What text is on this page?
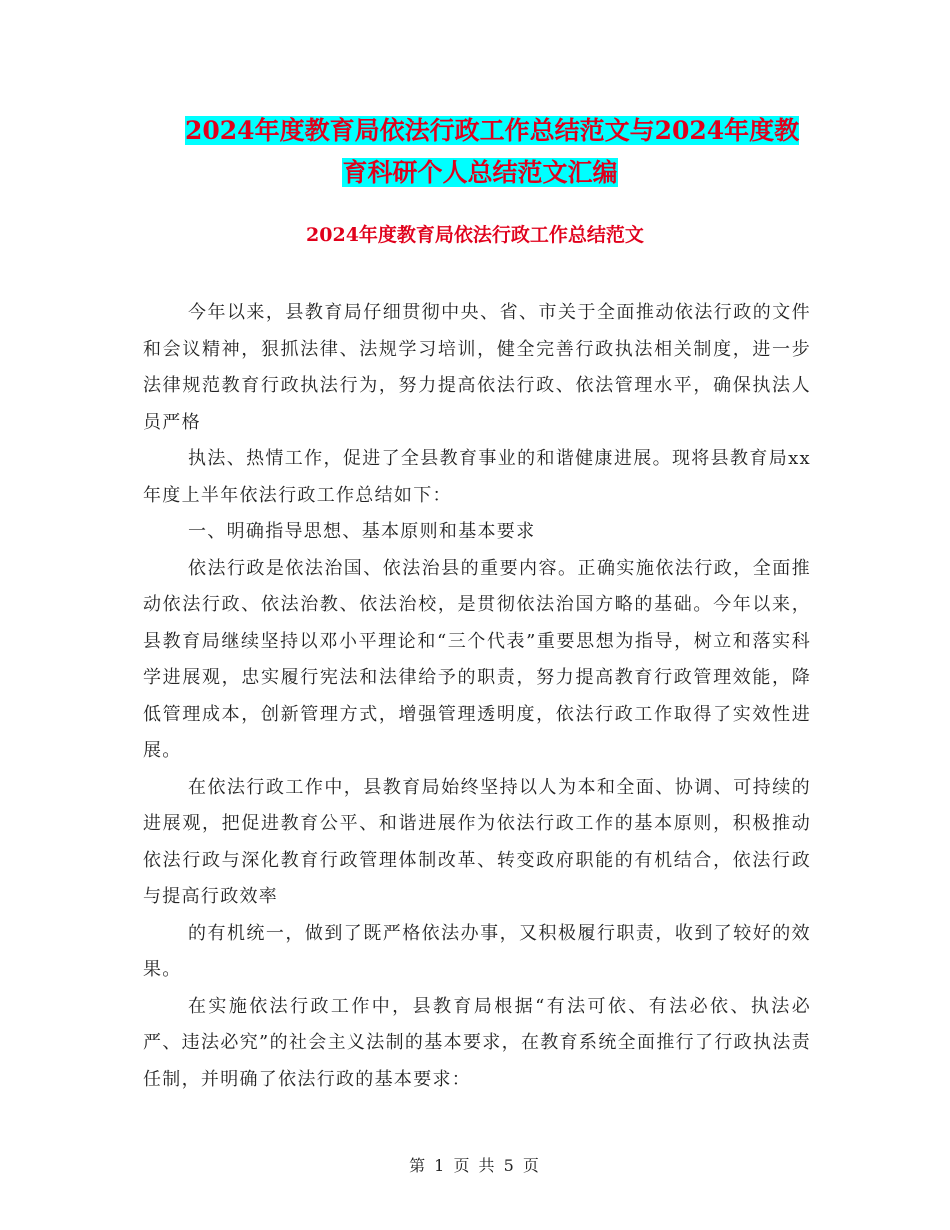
2024年度教育局依法行政工作总结范文与2024年度教
育科研个人总结范文汇编
2024年度教育局依法行政工作总结范文

今年以来，县教育局仔细贯彻中央、省、市关于全面推动依法行政的文件和会议精神，狠抓法律、法规学习培训，健全完善行政执法相关制度，进一步法律规范教育行政执法行为，努力提高依法行政、依法管理水平，确保执法人员严格

执法、热情工作，促进了全县教育事业的和谐健康进展。现将县教育局xx年度上半年依法行政工作总结如下：

一、明确指导思想、基本原则和基本要求

依法行政是依法治国、依法治县的重要内容。正确实施依法行政，全面推动依法行政、依法治教、依法治校，是贯彻依法治国方略的基础。今年以来，县教育局继续坚持以邓小平理论和“三个代表”重要思想为指导，树立和落实科学进展观，忠实履行宪法和法律给予的职责，努力提高教育行政管理效能，降低管理成本，创新管理方式，增强管理透明度，依法行政工作取得了实效性进展。

在依法行政工作中，县教育局始终坚持以人为本和全面、协调、可持续的进展观，把促进教育公平、和谐进展作为依法行政工作的基本原则，积极推动依法行政与深化教育行政管理体制改革、转变政府职能的有机结合，依法行政与提高行政效率

的有机统一，做到了既严格依法办事，又积极履行职责，收到了较好的效果。

在实施依法行政工作中，县教育局根据“有法可依、有法必依、执法必严、违法必究”的社会主义法制的基本要求，在教育系统全面推行了行政执法责任制，并明确了依法行政的基本要求：

第 1 页 共 5 页
